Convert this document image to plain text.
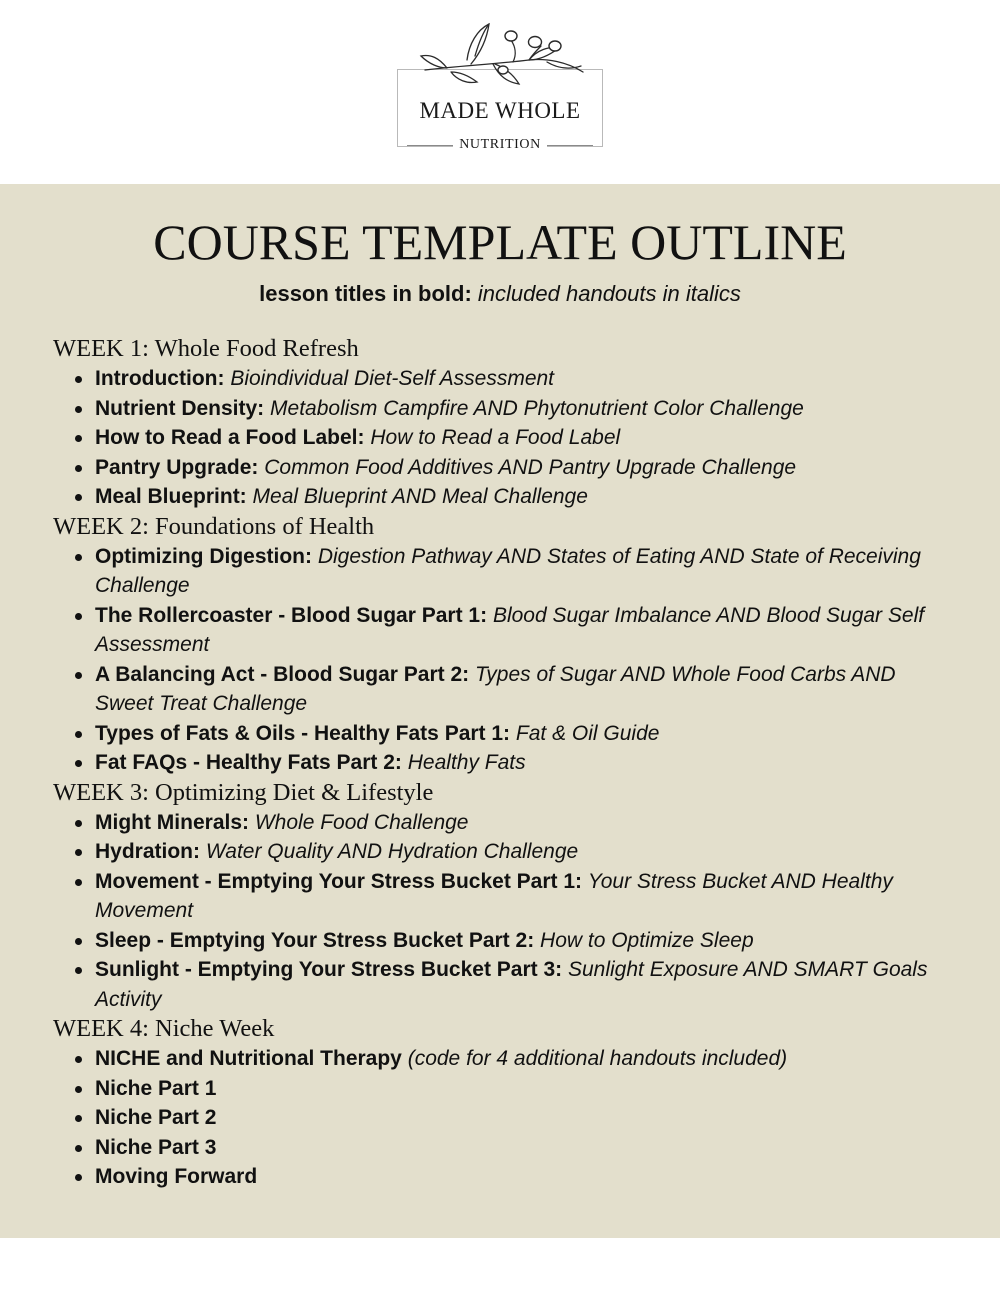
MADE WHOLE
NUTRITION
COURSE TEMPLATE OUTLINE
lesson titles in bold: included handouts in italics
WEEK 1: Whole Food Refresh
Introduction: Bioindividual Diet-Self Assessment
Nutrient Density: Metabolism Campfire AND Phytonutrient Color Challenge
How to Read a Food Label: How to Read a Food Label
Pantry Upgrade: Common Food Additives AND Pantry Upgrade Challenge
Meal Blueprint: Meal Blueprint AND Meal Challenge
WEEK 2: Foundations of Health
Optimizing Digestion: Digestion Pathway AND States of Eating AND State of Receiving Challenge
The Rollercoaster - Blood Sugar Part 1: Blood Sugar Imbalance AND Blood Sugar Self Assessment
A Balancing Act - Blood Sugar Part 2: Types of Sugar AND Whole Food Carbs AND Sweet Treat Challenge
Types of Fats & Oils - Healthy Fats Part 1: Fat & Oil Guide
Fat FAQs - Healthy Fats Part 2: Healthy Fats
WEEK 3: Optimizing Diet & Lifestyle
Might Minerals: Whole Food Challenge
Hydration: Water Quality AND Hydration Challenge
Movement - Emptying Your Stress Bucket Part 1: Your Stress Bucket AND Healthy Movement
Sleep - Emptying Your Stress Bucket Part 2: How to Optimize Sleep
Sunlight - Emptying Your Stress Bucket Part 3: Sunlight Exposure AND SMART Goals Activity
WEEK 4: Niche Week
NICHE and Nutritional Therapy (code for 4 additional handouts included)
Niche Part 1
Niche Part 2
Niche Part 3
Moving Forward
